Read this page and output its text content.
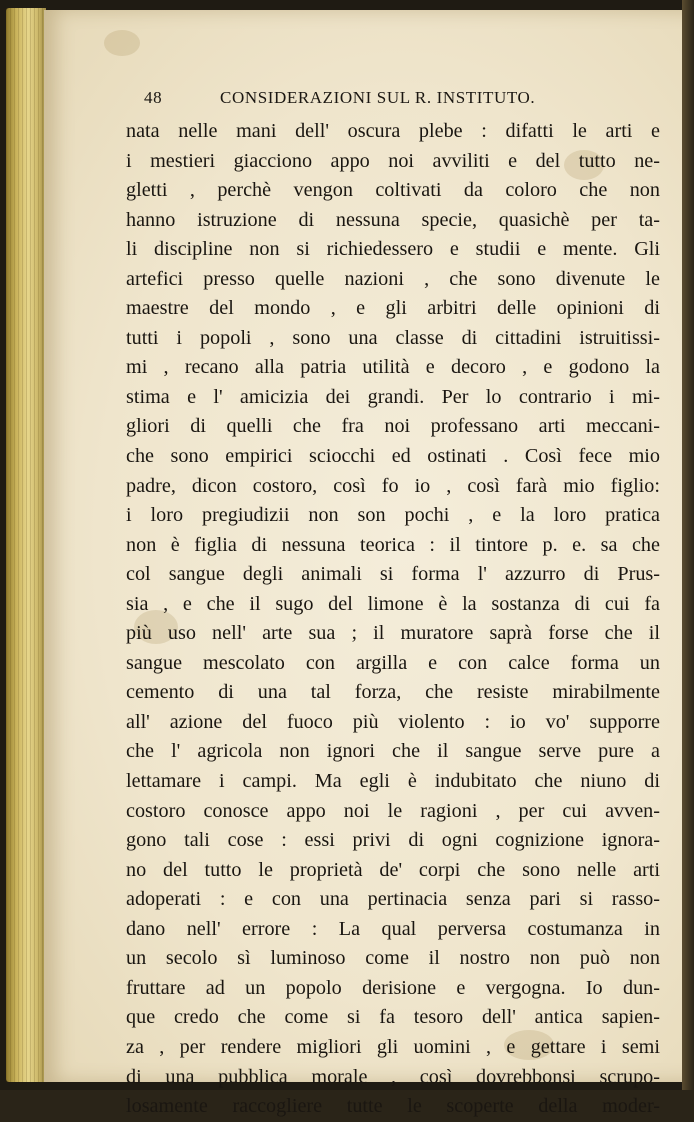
48	CONSIDERAZIONI SUL R. INSTITUTO.
nata nelle mani dell' oscura plebe : difatti le arti e
i mestieri giacciono appo noi avviliti e del tutto ne-
gletti , perchè vengon coltivati da coloro che non
hanno istruzione di nessuna specie, quasichè per ta-
li discipline non si richiedessero e studii e mente. Gli
artefici presso quelle nazioni , che sono divenute le
maestre del mondo , e gli arbitri delle opinioni di
tutti i popoli , sono una classe di cittadini istruitissi-
mi , recano alla patria utilità e decoro , e godono la
stima e l' amicizia dei grandi. Per lo contrario i mi-
gliori di quelli che fra noi professano arti meccani-
che sono empirici sciocchi ed ostinati . Così fece mio
padre, dicon costoro, così fo io , così farà mio figlio:
i loro pregiudizii non son pochi , e la loro pratica
non è figlia di nessuna teorica : il tintore p. e. sa che
col sangue degli animali si forma l' azzurro di Prus-
sia , e che il sugo del limone è la sostanza di cui fa
più uso nell' arte sua ; il muratore saprà forse che il
sangue mescolato con argilla e con calce forma un
cemento di una tal forza, che resiste mirabilmente
all' azione del fuoco più violento : io vo' supporre
che l' agricola non ignori che il sangue serve pure a
lettamare i campi. Ma egli è indubitato che niuno di
costoro conosce appo noi le ragioni , per cui avven-
gono tali cose : essi privi di ogni cognizione ignora-
no del tutto le proprietà de' corpi che sono nelle arti
adoperati : e con una pertinacia senza pari si rasso-
dano nell' errore : La qual perversa costumanza in
un secolo sì luminoso come il nostro non può non
fruttare ad un popolo derisione e vergogna. Io dun-
que credo che come si fa tesoro dell' antica sapien-
za , per rendere migliori gli uomini , e gettare i semi
di una pubblica morale , così dovrebbonsi scrupo-
losamente raccogliere tutte le scoperte della moder-
